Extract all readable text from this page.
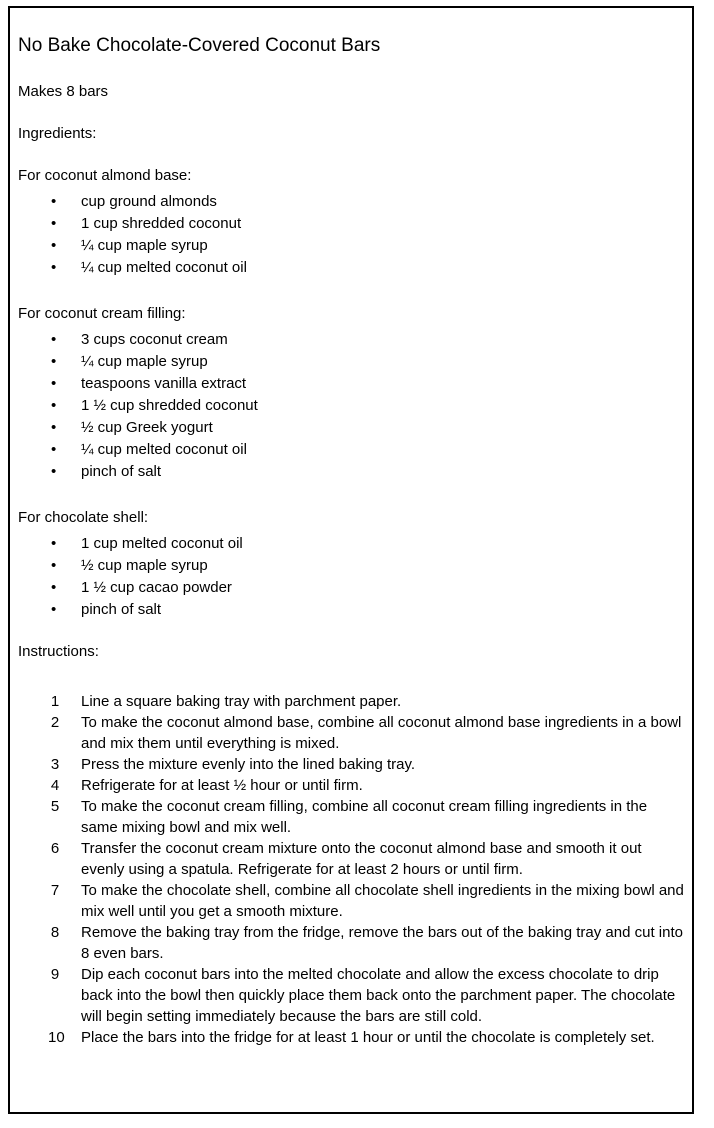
No Bake Chocolate-Covered Coconut Bars
Makes 8 bars
Ingredients:
For coconut almond base:
• cup ground almonds
• 1 cup shredded coconut
• ¼ cup maple syrup
• ¼ cup melted coconut oil
For coconut cream filling:
• 3 cups coconut cream
• ¼ cup maple syrup
• teaspoons vanilla extract
• 1 ½ cup shredded coconut
• ½ cup Greek yogurt
• ¼ cup melted coconut oil
• pinch of salt
For chocolate shell:
• 1 cup melted coconut oil
• ½ cup maple syrup
• 1 ½ cup cacao powder
• pinch of salt
Instructions:
1	Line a square baking tray with parchment paper.
2	To make the coconut almond base, combine all coconut almond base ingredients in a bowl and mix them until everything is mixed.
3	Press the mixture evenly into the lined baking tray.
4	Refrigerate for at least ½ hour or until firm.
5	To make the coconut cream filling, combine all coconut cream filling ingredients in the same mixing bowl and mix well.
6	Transfer the coconut cream mixture onto the coconut almond base and smooth it out evenly using a spatula. Refrigerate for at least 2 hours or until firm.
7	To make the chocolate shell, combine all chocolate shell ingredients in the mixing bowl and mix well until you get a smooth mixture.
8	Remove the baking tray from the fridge, remove the bars out of the baking tray and cut into 8 even bars.
9	Dip each coconut bars into the melted chocolate and allow the excess chocolate to drip back into the bowl then quickly place them back onto the parchment paper. The chocolate will begin setting immediately because the bars are still cold.
10 Place the bars into the fridge for at least 1 hour or until the chocolate is completely set.
